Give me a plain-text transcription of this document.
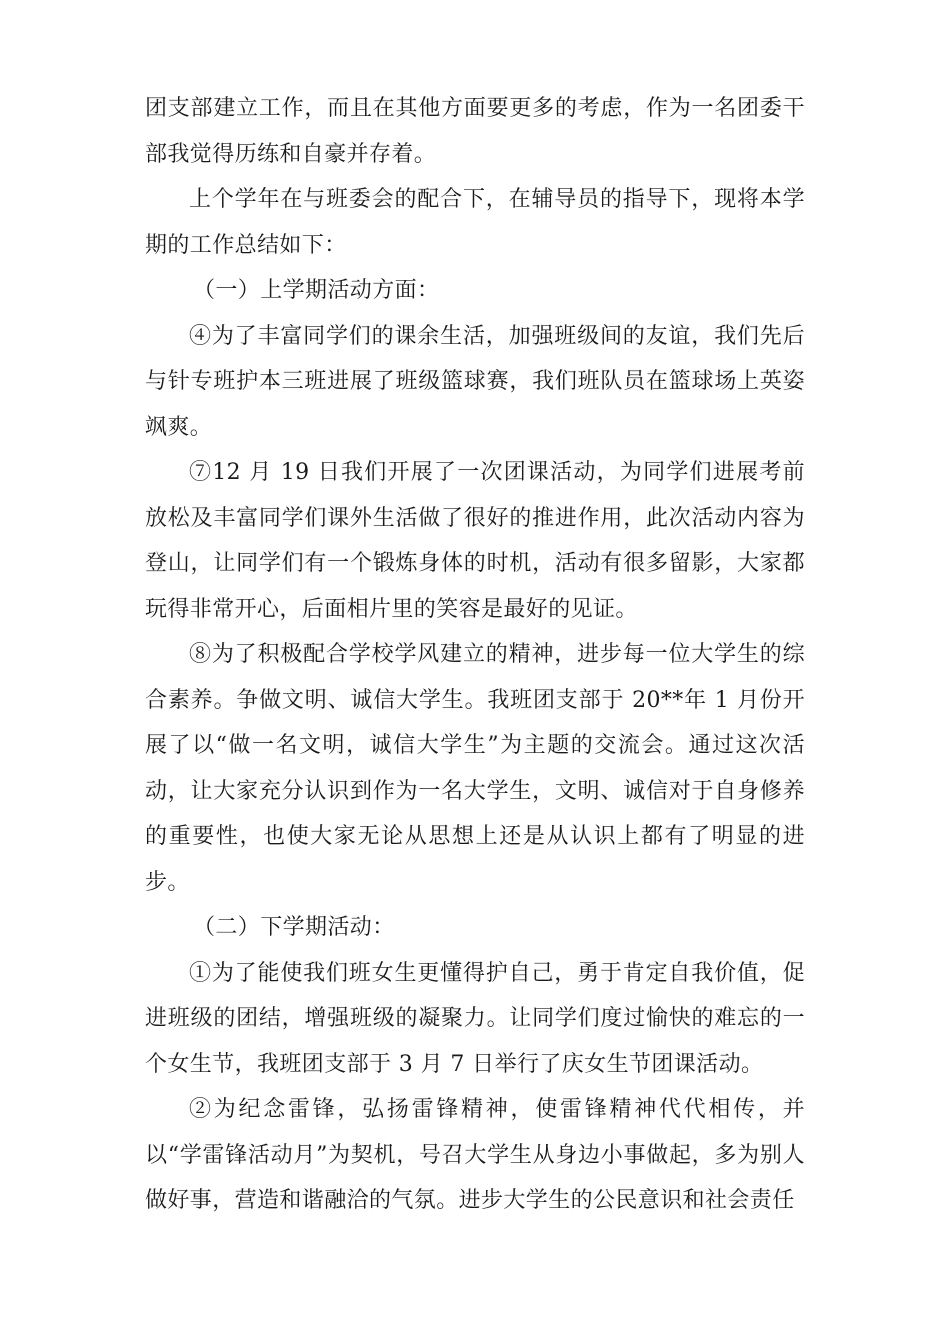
团支部建立工作，而且在其他方面要更多的考虑，作为一名团委干部我觉得历练和自豪并存着。

上个学年在与班委会的配合下，在辅导员的指导下，现将本学期的工作总结如下：

（一）上学期活动方面：

④为了丰富同学们的课余生活，加强班级间的友谊，我们先后与针专班护本三班进展了班级篮球赛，我们班队员在篮球场上英姿飒爽。

⑦12 月 19 日我们开展了一次团课活动，为同学们进展考前放松及丰富同学们课外生活做了很好的推进作用，此次活动内容为登山，让同学们有一个锻炼身体的时机，活动有很多留影，大家都玩得非常开心，后面相片里的笑容是最好的见证。

⑧为了积极配合学校学风建立的精神，进步每一位大学生的综合素养。争做文明、诚信大学生。我班团支部于 20**年 1 月份开展了以“做一名文明，诚信大学生”为主题的交流会。通过这次活动，让大家充分认识到作为一名大学生，文明、诚信对于自身修养的重要性，也使大家无论从思想上还是从认识上都有了明显的进步。

（二）下学期活动：

①为了能使我们班女生更懂得护自己，勇于肯定自我价值，促进班级的团结，增强班级的凝聚力。让同学们度过愉快的难忘的一个女生节，我班团支部于 3 月 7 日举行了庆女生节团课活动。

②为纪念雷锋，弘扬雷锋精神，使雷锋精神代代相传，并以“学雷锋活动月”为契机，号召大学生从身边小事做起，多为别人做好事，营造和谐融洽的气氛。进步大学生的公民意识和社会责任
